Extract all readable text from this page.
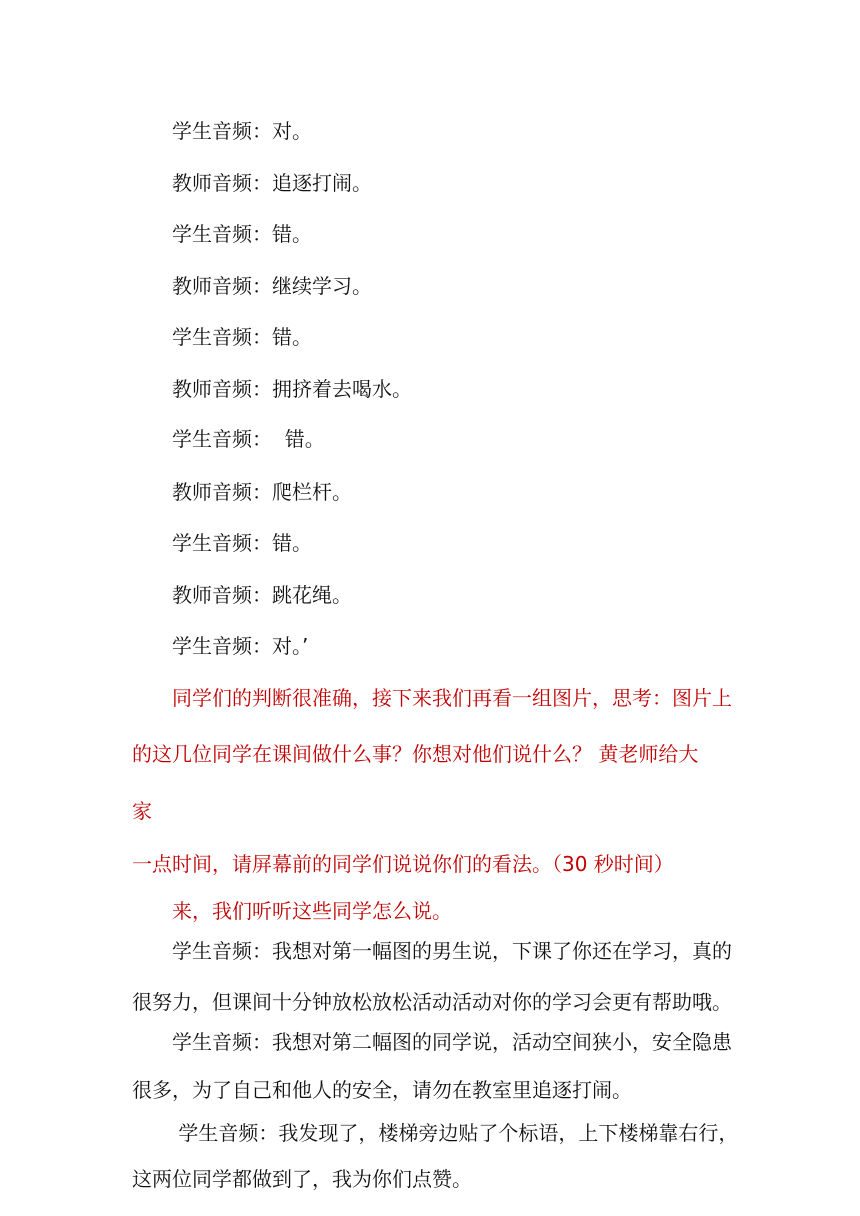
学生音频：对。
教师音频：追逐打闹。
学生音频：错。
教师音频：继续学习。
学生音频：错。
教师音频：拥挤着去喝水。
学生音频：  错。
教师音频：爬栏杆。
学生音频：错。
教师音频：跳花绳。
学生音频：对。’
同学们的判断很准确，接下来我们再看一组图片，思考：图片上
的这几位同学在课间做什么事？你想对他们说什么？ 黄老师给大
家
一点时间，请屏幕前的同学们说说你们的看法。（30 秒时间）
来，我们听听这些同学怎么说。
学生音频：我想对第一幅图的男生说，下课了你还在学习，真的
很努力，但课间十分钟放松放松活动活动对你的学习会更有帮助哦。
学生音频：我想对第二幅图的同学说，活动空间狭小，安全隐患
很多，为了自己和他人的安全，请勿在教室里追逐打闹。
学生音频：我发现了，楼梯旁边贴了个标语，上下楼梯靠右行，
这两位同学都做到了，我为你们点赞。
